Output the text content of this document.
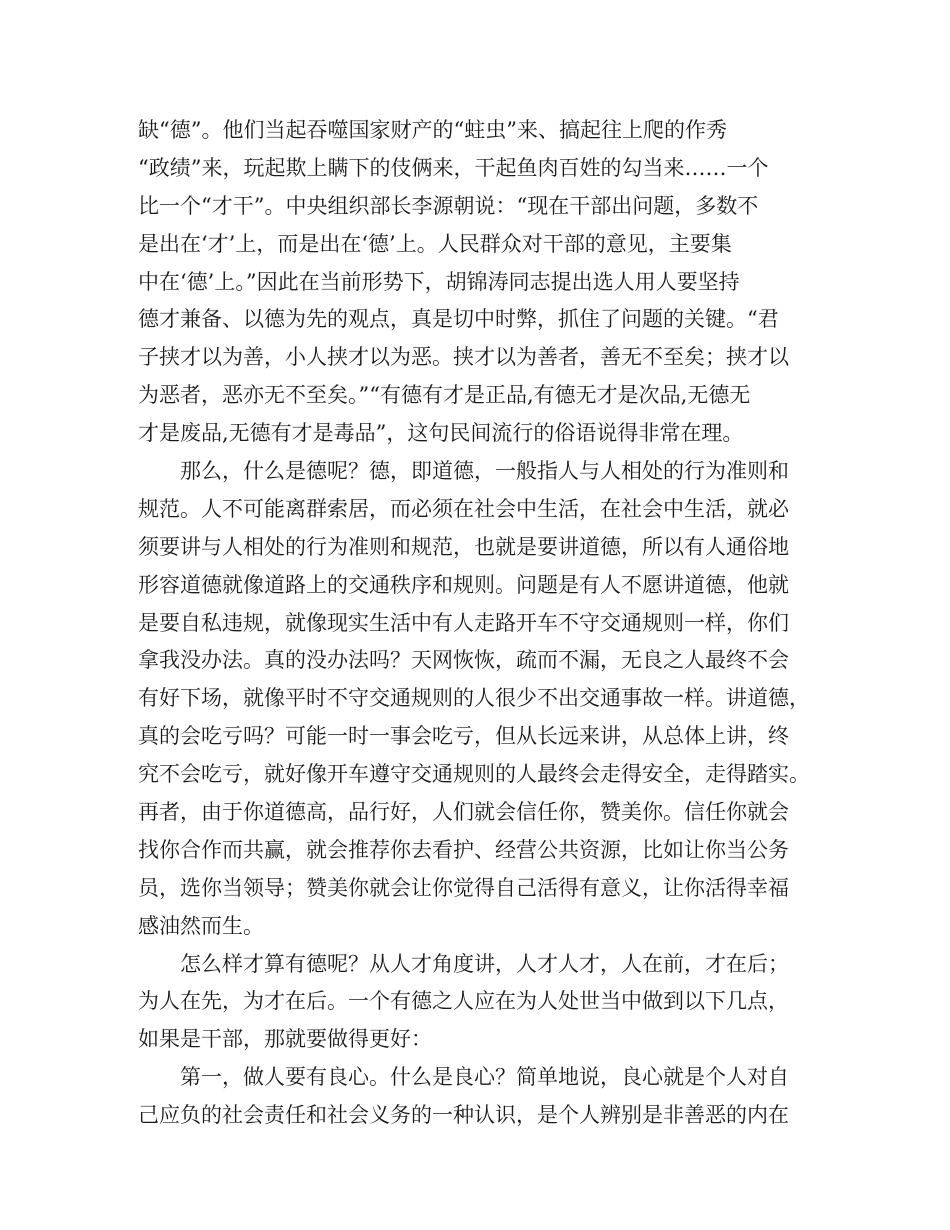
缺“德”。他们当起吞噬国家财产的“蛀虫”来、搞起往上爬的作秀
“政绩”来，玩起欺上瞒下的伎俩来，干起鱼肉百姓的勾当来……一个
比一个“才干”。中央组织部长李源朝说：“现在干部出问题，多数不
是出在‘才’上，而是出在‘德’上。人民群众对干部的意见，主要集
中在‘德’上。”因此在当前形势下，胡锦涛同志提出选人用人要坚持
德才兼备、以德为先的观点，真是切中时弊，抓住了问题的关键。“君
子挟才以为善，小人挟才以为恶。挟才以为善者，善无不至矣；挟才以
为恶者，恶亦无不至矣。”“有德有才是正品,有德无才是次品,无德无
才是废品,无德有才是毒品”，这句民间流行的俗语说得非常在理。
那么，什么是德呢？德，即道德，一般指人与人相处的行为准则和
规范。人不可能离群索居，而必须在社会中生活，在社会中生活，就必
须要讲与人相处的行为准则和规范，也就是要讲道德，所以有人通俗地
形容道德就像道路上的交通秩序和规则。问题是有人不愿讲道德，他就
是要自私违规，就像现实生活中有人走路开车不守交通规则一样，你们
拿我没办法。真的没办法吗？天网恢恢，疏而不漏，无良之人最终不会
有好下场，就像平时不守交通规则的人很少不出交通事故一样。讲道德，
真的会吃亏吗？可能一时一事会吃亏，但从长远来讲，从总体上讲，终
究不会吃亏，就好像开车遵守交通规则的人最终会走得安全，走得踏实。
再者，由于你道德高，品行好，人们就会信任你，赞美你。信任你就会
找你合作而共赢，就会推荐你去看护、经营公共资源，比如让你当公务
员，选你当领导；赞美你就会让你觉得自己活得有意义，让你活得幸福
感油然而生。
怎么样才算有德呢？从人才角度讲，人才人才，人在前，才在后；
为人在先，为才在后。一个有德之人应在为人处世当中做到以下几点，
如果是干部，那就要做得更好：
第一，做人要有良心。什么是良心？简单地说，良心就是个人对自
己应负的社会责任和社会义务的一种认识，是个人辨别是非善恶的内在
